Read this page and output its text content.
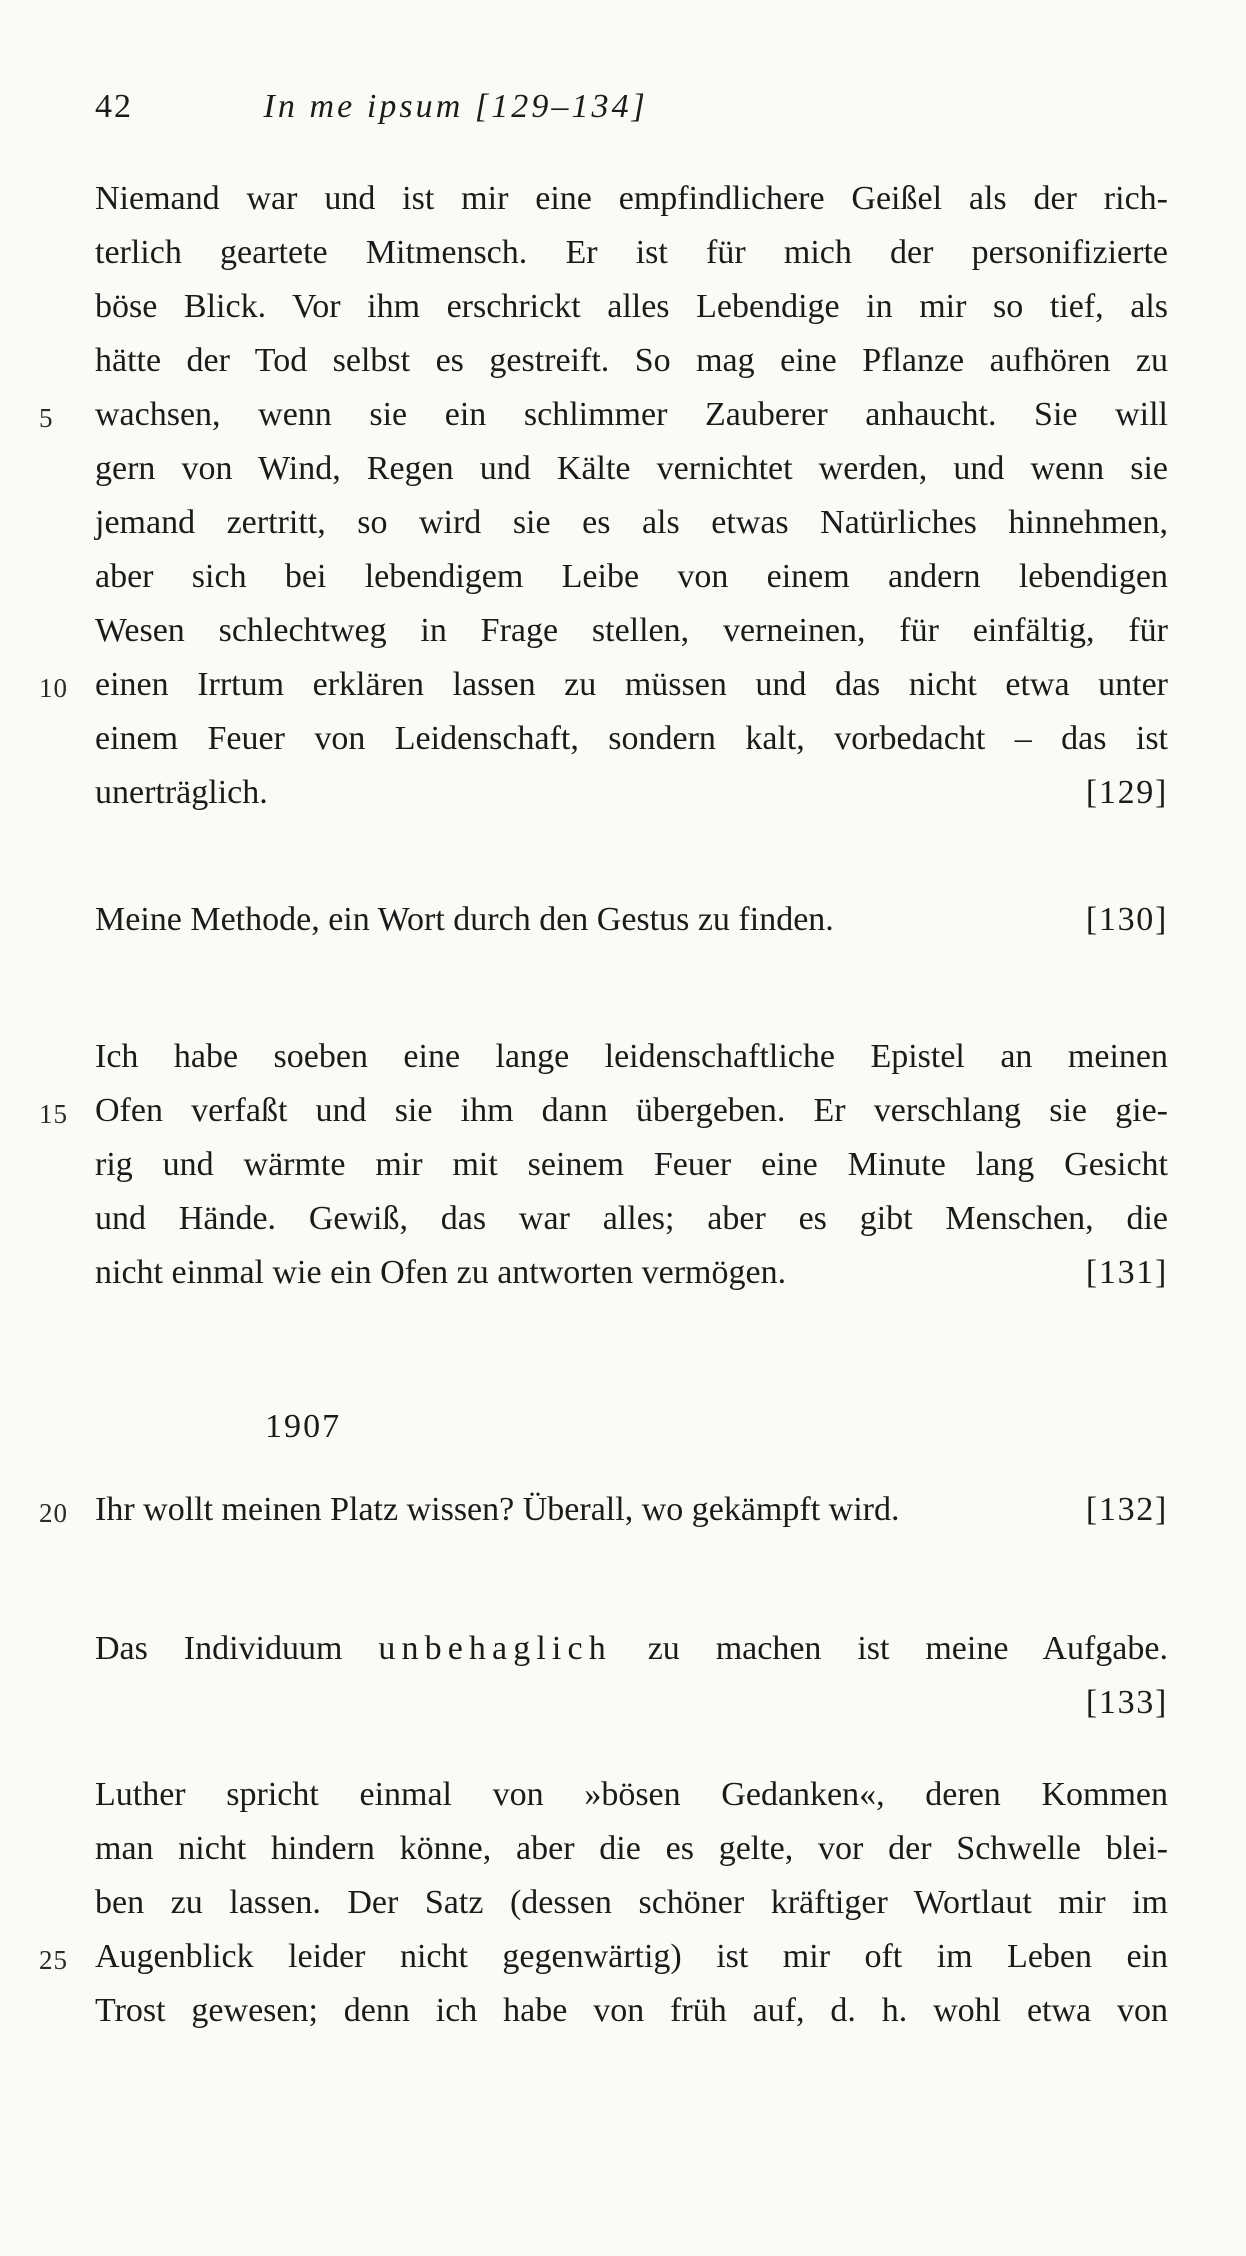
42	In me ipsum [129–134]
Niemand war und ist mir eine empfindlichere Geißel als der rich-
terlich geartete Mitmensch. Er ist für mich der personifizierte
böse Blick. Vor ihm erschrickt alles Lebendige in mir so tief, als
hätte der Tod selbst es gestreift. So mag eine Pflanze aufhören zu
5 wachsen, wenn sie ein schlimmer Zauberer anhaucht. Sie will
gern von Wind, Regen und Kälte vernichtet werden, und wenn sie
jemand zertritt, so wird sie es als etwas Natürliches hinnehmen,
aber sich bei lebendigem Leibe von einem andern lebendigen
Wesen schlechtweg in Frage stellen, verneinen, für einfältig, für
10 einen Irrtum erklären lassen zu müssen und das nicht etwa unter
einem Feuer von Leidenschaft, sondern kalt, vorbedacht – das ist
unerträglich.	[129]
Meine Methode, ein Wort durch den Gestus zu finden.	[130]
Ich habe soeben eine lange leidenschaftliche Epistel an meinen
15 Ofen verfaßt und sie ihm dann übergeben. Er verschlang sie gie-
rig und wärmte mir mit seinem Feuer eine Minute lang Gesicht
und Hände. Gewiß, das war alles; aber es gibt Menschen, die
nicht einmal wie ein Ofen zu antworten vermögen.	[131]
1907
20 Ihr wollt meinen Platz wissen? Überall, wo gekämpft wird.	[132]
Das Individuum unbehaglich zu machen ist meine Aufgabe.
[133]
Luther spricht einmal von »bösen Gedanken«, deren Kommen
man nicht hindern könne, aber die es gelte, vor der Schwelle blei-
ben zu lassen. Der Satz (dessen schöner kräftiger Wortlaut mir im
25 Augenblick leider nicht gegenwärtig) ist mir oft im Leben ein
Trost gewesen; denn ich habe von früh auf, d. h. wohl etwa von
